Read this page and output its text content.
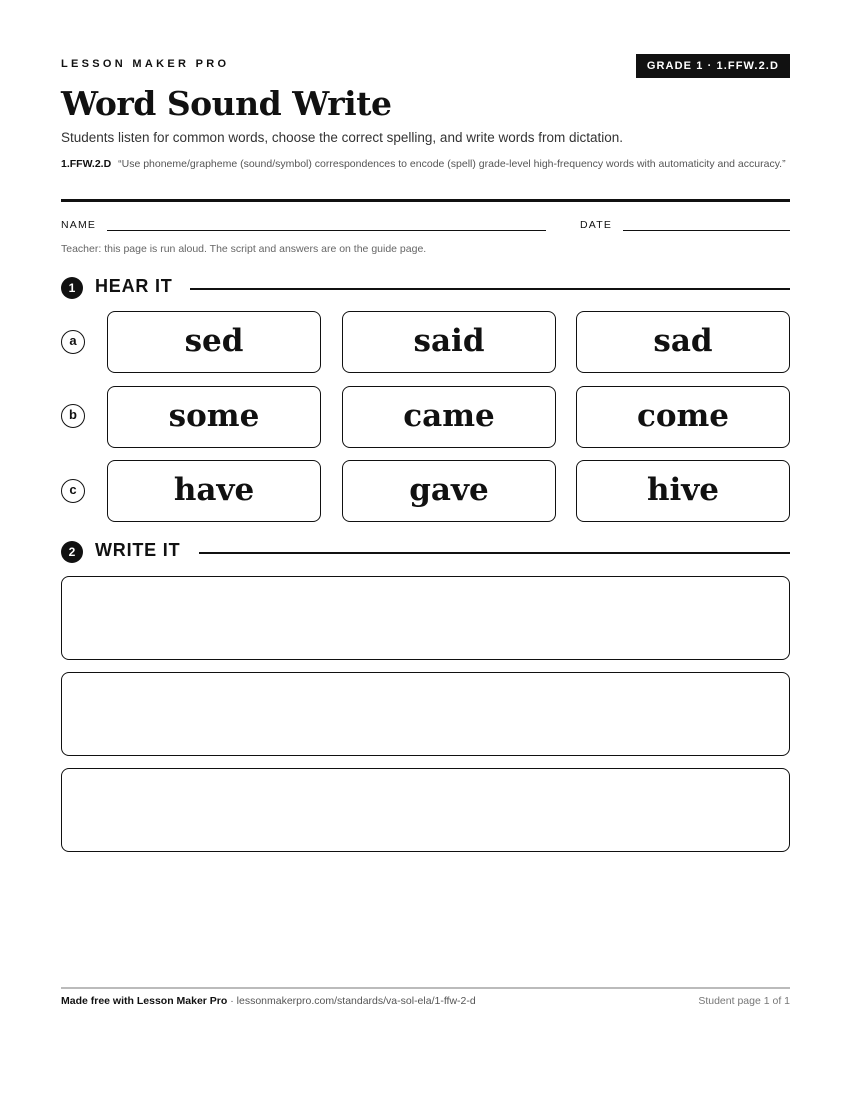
LESSON MAKER PRO	GRADE 1 · 1.FFW.2.D
Word Sound Write
Students listen for common words, choose the correct spelling, and write words from dictation.
1.FFW.2.D “Use phoneme/grapheme (sound/symbol) correspondences to encode (spell) grade-level high-frequency words with automaticity and accuracy.”
NAME	DATE
Teacher: this page is run aloud. The script and answers are on the guide page.
1	HEAR IT
a	sed	said	sad
b	some	came	come
c	have	gave	hive
2	WRITE IT
Made free with Lesson Maker Pro · lessonmakerpro.com/standards/va-sol-ela/1-ffw-2-d	Student page 1 of 1
